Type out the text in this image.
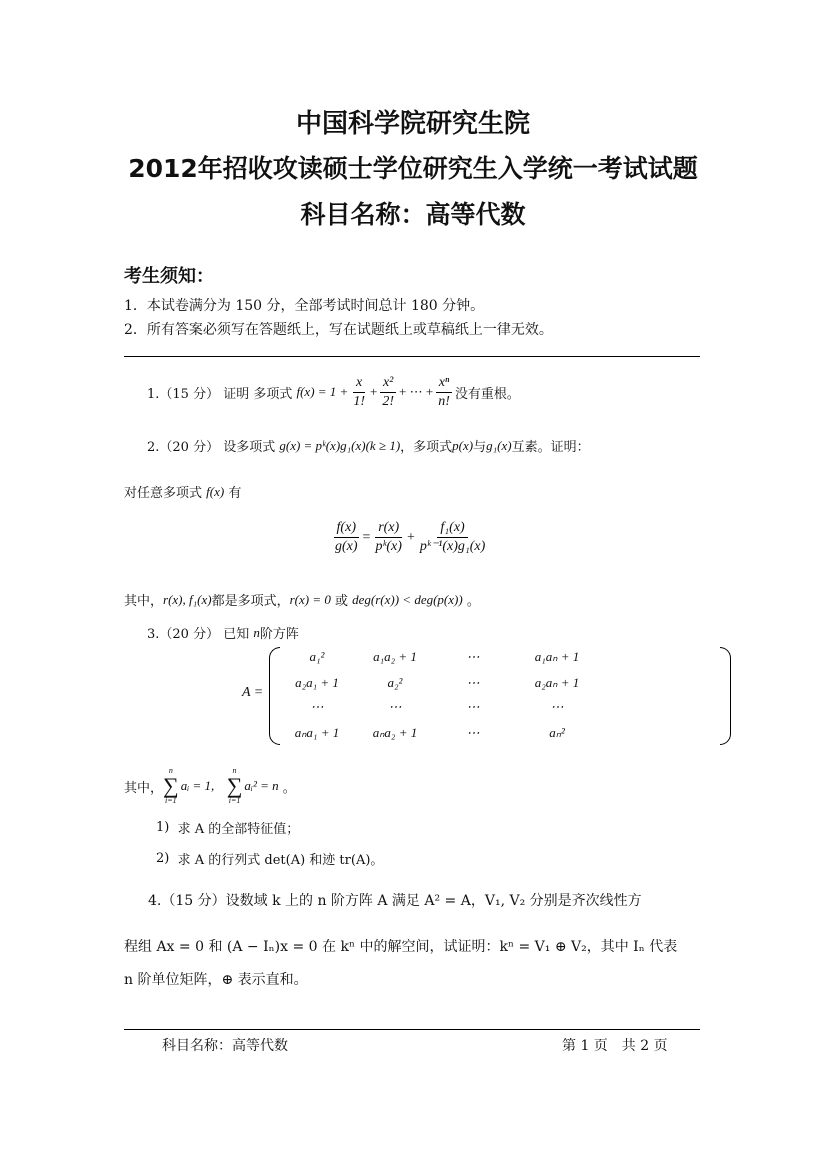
中国科学院研究生院
2012年招收攻读硕士学位研究生入学统一考试试题
科目名称：高等代数
考生须知：
1．本试卷满分为 150 分，全部考试时间总计 180 分钟。
2．所有答案必须写在答题纸上，写在试题纸上或草稿纸上一律无效。
1.（15 分） 证明 多项式
$f(x) = 1 + \frac{x}{1!} + \frac{\text{x²}}{2!}$ + ⋯ + $\frac{\text{xⁿ}}{n!}$ 没有重根。
2.（20 分） 设多项式
g(x) = pᵏ(x)g₁(x)(k ≥ 1) ，多项式 p(x) 与 g₁(x) 互素。证明：
对任意多项式
f(x)
有
$\frac{f(x)}{g(x)} = \frac{r(x)}{\text{pᵏ(x)}} + \frac{\text{f₁(x)}}{\text{pᵏ⁻¹(x)g₁(x)}}$
其中， r(x), f₁(x) 都是多项式， r(x) = 0
或
deg(r(x)) < deg(p(x))
。
3.（20 分） 已知
n 阶方阵
A =
a₁²	a₁a₂ + 1	⋯	a₁aₙ + 1
a₂a₁ + 1	a₂²	⋯	a₂aₙ + 1
⋯	⋯	⋯	⋯
aₙa₁ + 1	aₙa₂ + 1	⋯	aₙ²
其中，
n
∑
i=1
aᵢ = 1,

n
∑
i=1
aᵢ² = n
。
1)
求 A 的全部特征值；
2)
求 A 的行列式 det(A) 和迹 tr(A)。
4.（15 分）设数域 k 上的 n 阶方阵 A 满足 A² = A，V₁, V₂ 分别是齐次线性方
程组 Ax = 0 和 (A − Iₙ)x = 0 在 kⁿ 中的解空间，试证明：kⁿ = V₁ ⊕ V₂，其中 Iₙ 代表
n 阶单位矩阵，⊕ 表示直和。
科目名称：高等代数	第 1 页　共 2 页
